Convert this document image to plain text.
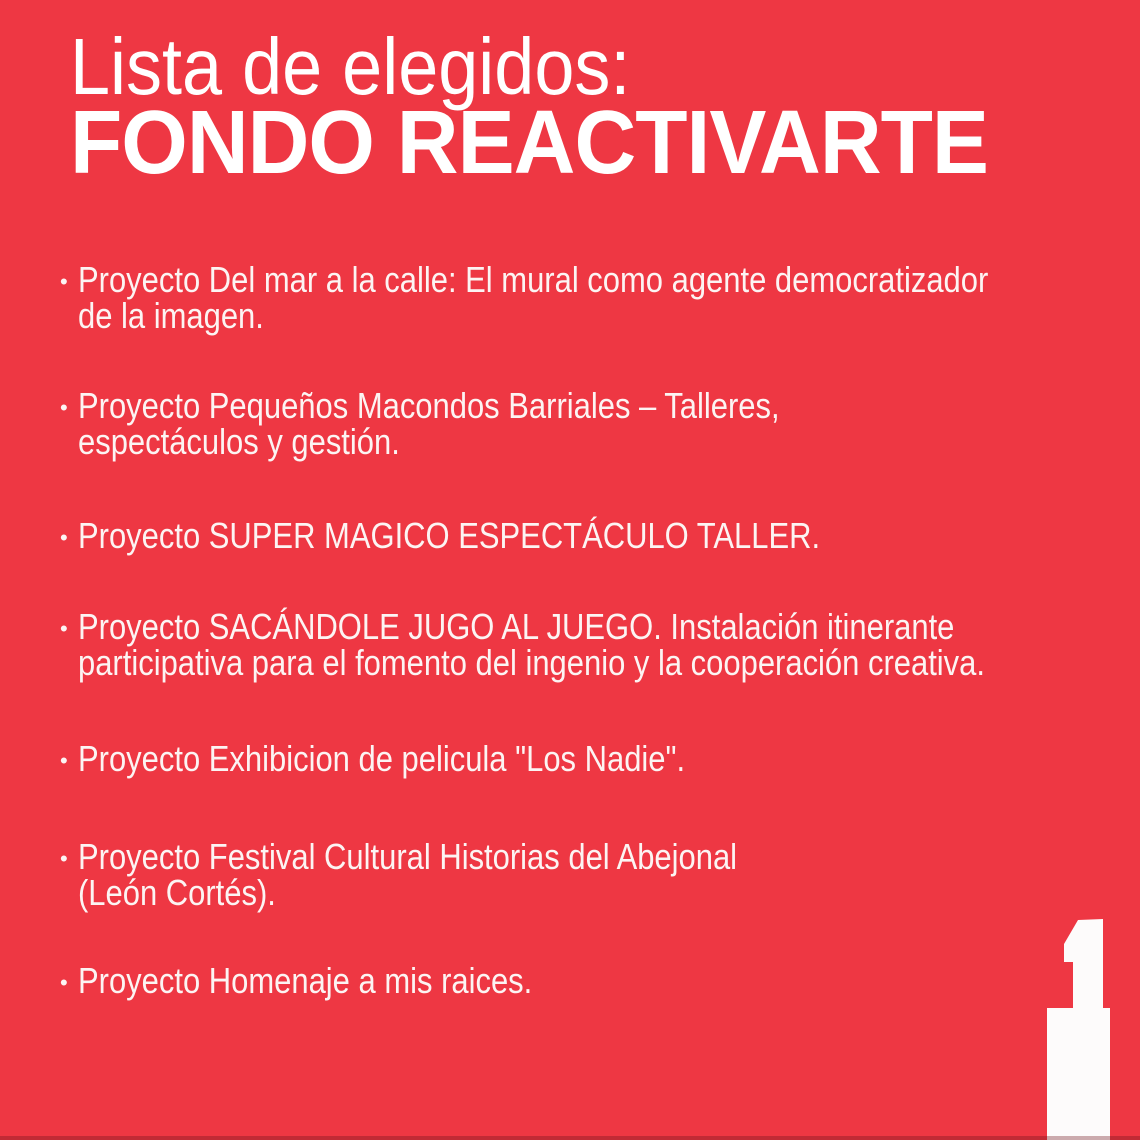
Lista de elegidos:
FONDO REACTIVARTE
• Proyecto Del mar a la calle: El mural como agente democratizador
de la imagen.
• Proyecto Pequeños Macondos Barriales – Talleres,
espectáculos y gestión.
• Proyecto SUPER MAGICO ESPECTÁCULO TALLER.
• Proyecto SACÁNDOLE JUGO AL JUEGO. Instalación itinerante
participativa para el fomento del ingenio y la cooperación creativa.
• Proyecto Exhibicion de pelicula "Los Nadie".
• Proyecto Festival Cultural Historias del Abejonal
(León Cortés).
• Proyecto Homenaje a mis raices.
